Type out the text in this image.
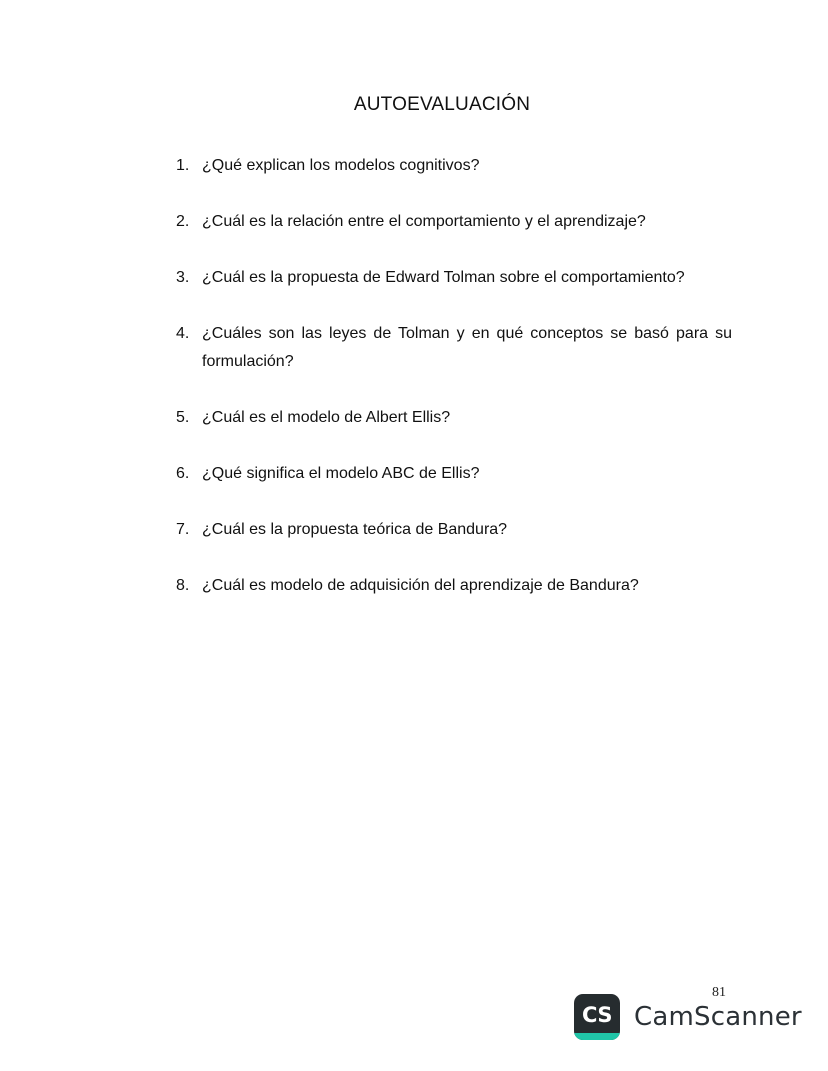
AUTOEVALUACIÓN
1. ¿Qué explican los modelos cognitivos?
2. ¿Cuál es la relación entre el comportamiento y el aprendizaje?
3. ¿Cuál es la propuesta de Edward Tolman sobre el comportamiento?
4. ¿Cuáles son las leyes de Tolman y en qué conceptos se basó para su formulación?
5. ¿Cuál es el modelo de Albert Ellis?
6. ¿Qué significa el modelo ABC de Ellis?
7. ¿Cuál es la propuesta teórica de Bandura?
8. ¿Cuál es modelo de adquisición del aprendizaje de Bandura?
81
CS CamScanner
